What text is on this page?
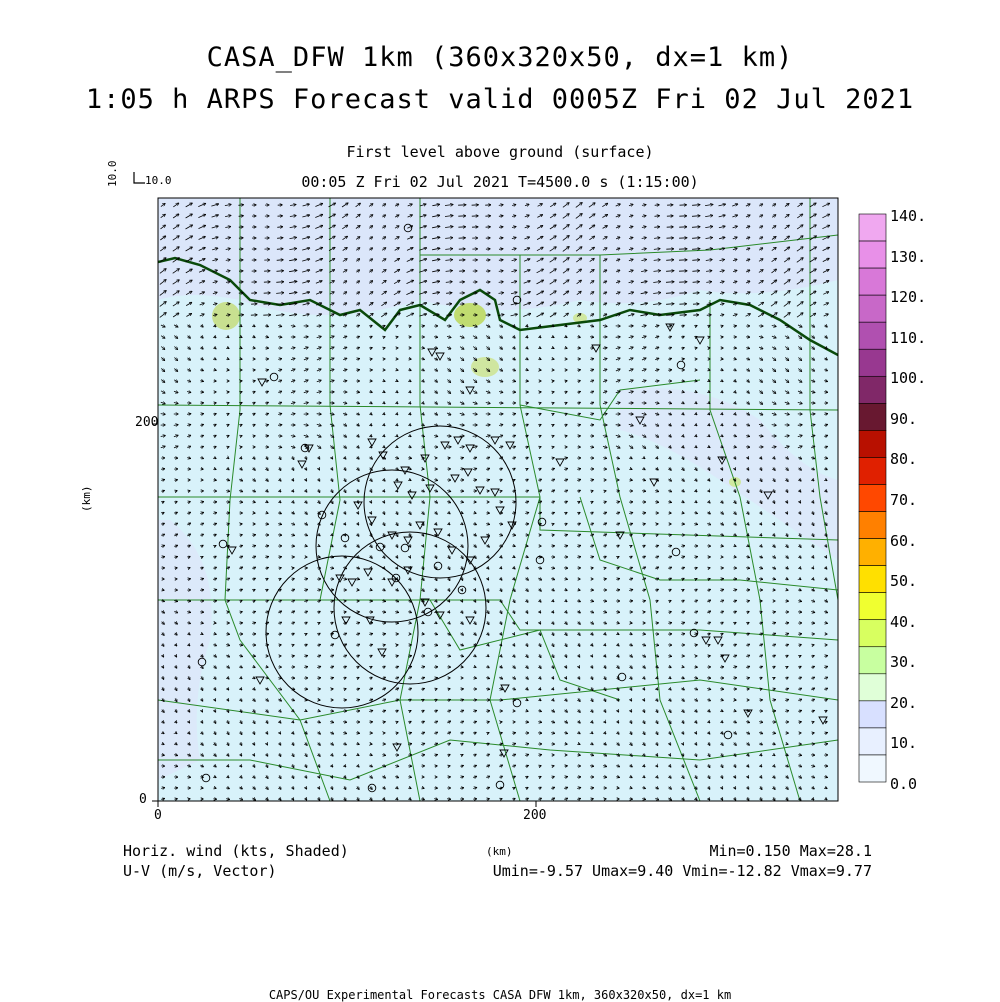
CASA_DFW 1km (360x320x50, dx=1 km)
1:05 h ARPS Forecast valid 0005Z Fri 02 Jul 2021
First level above ground (surface)
00:05 Z Fri 02 Jul 2021 T=4500.0 s (1:15:00)
10.0 10.0
200
0
0	200
(km)
(km)
140.
130.
120.
110.
100.
90.
80.
70.
60.
50.
40.
30.
20.
10.
0.0
Horiz. wind (kts, Shaded)
U-V (m/s, Vector)
Min=0.150 Max=28.1
Umin=-9.57 Umax=9.40 Vmin=-12.82 Vmax=9.77
CAPS/OU Experimental Forecasts CASA DFW 1km, 360x320x50, dx=1 km
